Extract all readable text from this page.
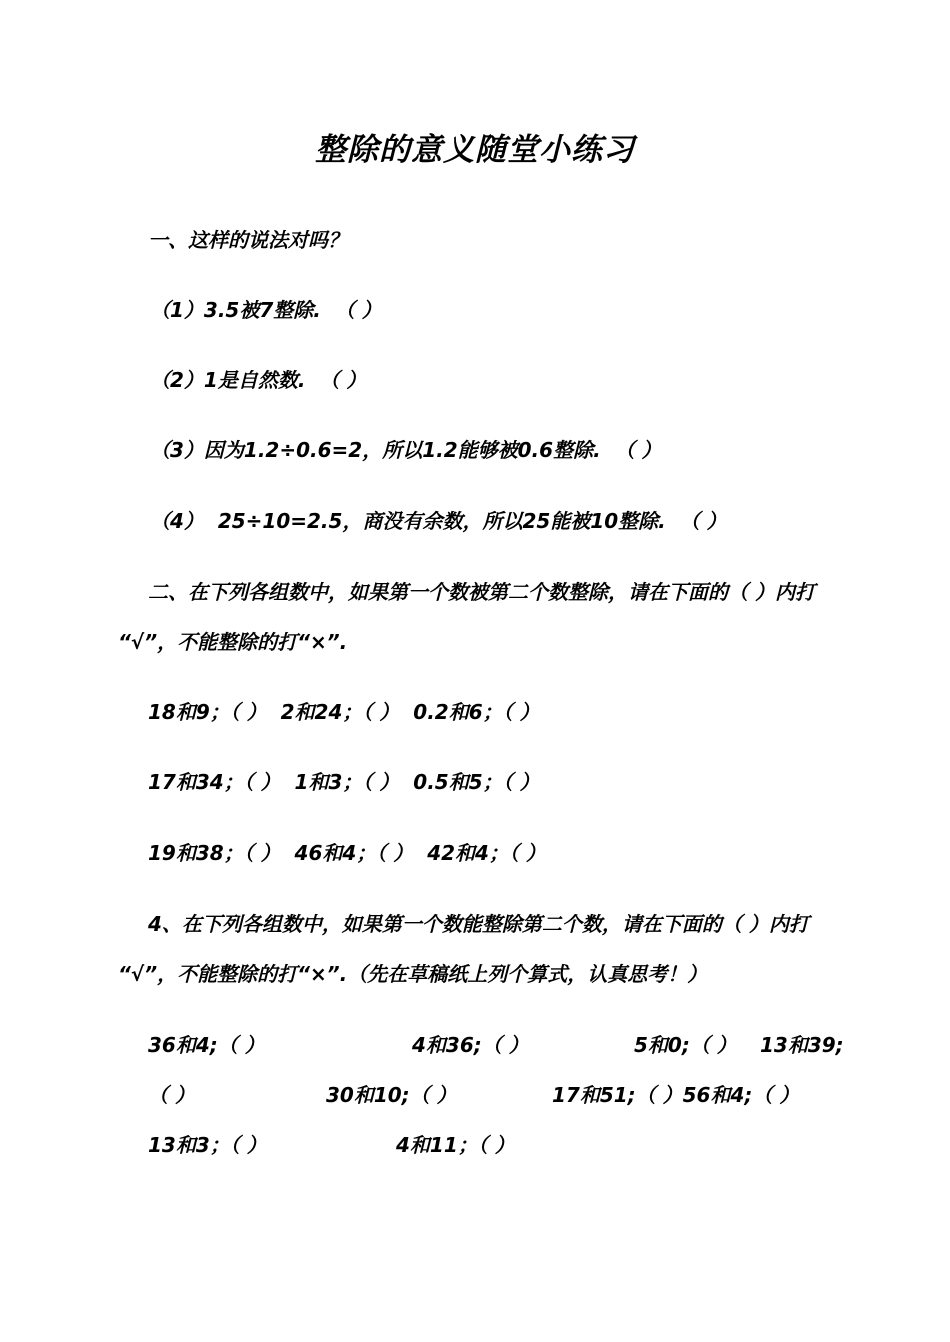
整除的意义随堂小练习
一、这样的说法对吗？
（1）3.5被7整除.  （ ）
（2）1是自然数.  （ ）
（3）因为1.2÷0.6=2，所以1.2能够被0.6整除.  （ ）
（4）  25÷10=2.5，商没有余数，所以25能被10整除.  （ ）
二、在下列各组数中，如果第一个数被第二个数整除，请在下面的（ ）内打
“√”，不能整除的打“×”.
18和9；（ ）  2和24；（ ）  0.2和6；（ ）
17和34；（ ）  1和3；（ ）  0.5和5；（ ）
19和38；（ ）  46和4；（ ）  42和4；（ ）
4、在下列各组数中，如果第一个数能整除第二个数，请在下面的（ ）内打
“√”，不能整除的打“×”.（先在草稿纸上列个算式，认真思考！）
36和4;（ ）	4和36;（ ）	5和0;（ ） 13和39;
（ ）	30和10;（ ）	17和51;（ ）56和4;（ ）
13和3；（ ）	4和11；（ ）
